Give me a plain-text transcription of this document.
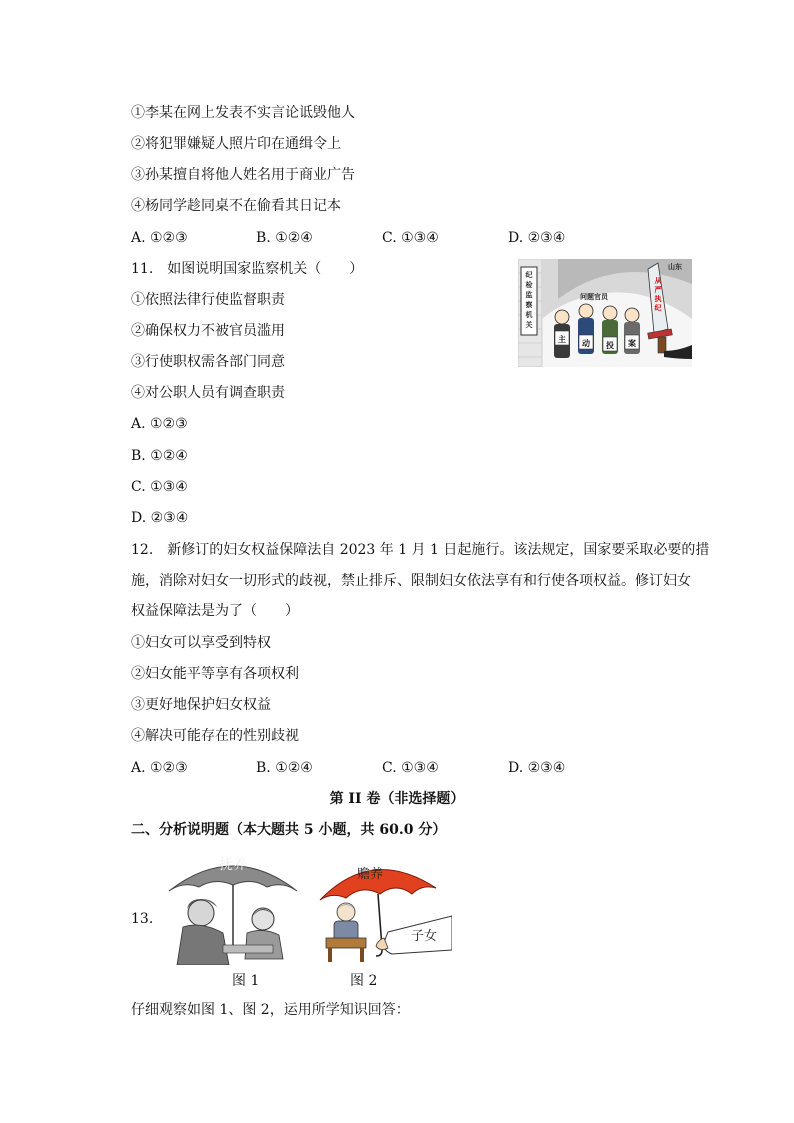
①李某在网上发表不实言论诋毁他人
②将犯罪嫌疑人照片印在通缉令上
③孙某擅自将他人姓名用于商业广告
④杨同学趁同桌不在偷看其日记本
A. ①②③	B. ①②④	C. ①③④	D. ②③④
11.　如图说明国家监察机关（　　）
①依照法律行使监督职责
②确保权力不被官员滥用
③行使职权需各部门同意
④对公职人员有调查职责
A. ①②③
B. ①②④
C. ①③④
D. ②③④
纪检监察机关
山东
问题官员
主 动 投 案
从严执纪
12.　新修订的妇女权益保障法自 2023 年 1 月 1 日起施行。该法规定，国家要采取必要的措
施，消除对妇女一切形式的歧视，禁止排斥、限制妇女依法享有和行使各项权益。修订妇女
权益保障法是为了（　　）
①妇女可以享受到特权
②妇女能平等享有各项权利
③更好地保护妇女权益
④解决可能存在的性别歧视
A. ①②③	B. ①②④	C. ①③④	D. ②③④
第 II 卷（非选择题）
二、分析说明题（本大题共 5 小题，共 60.0 分）
13.
抚养
赡养
子女
图 1	图 2
仔细观察如图 1、图 2，运用所学知识回答：
